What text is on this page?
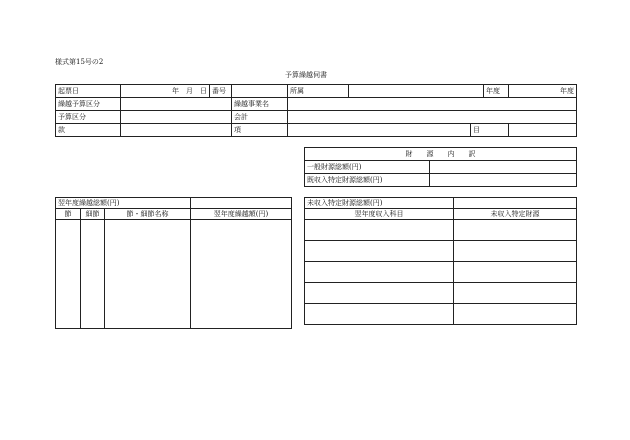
様式第15号の2
予算繰越伺書
起票日	年　月　日	番号		所属			年度	年度
繰越予算区分			繰越事業名					
予算区分			会計					
款			項			目		
財　　源　　内　　訳	
一般財源総額(円)	
既収入特定財源総額(円)	
翌年度繰越総額(円)			
節	細節	節・細節名称	翌年度繰越額(円)

未収入特定財源総額(円)	
翌年度収入科目	未収入特定財源
